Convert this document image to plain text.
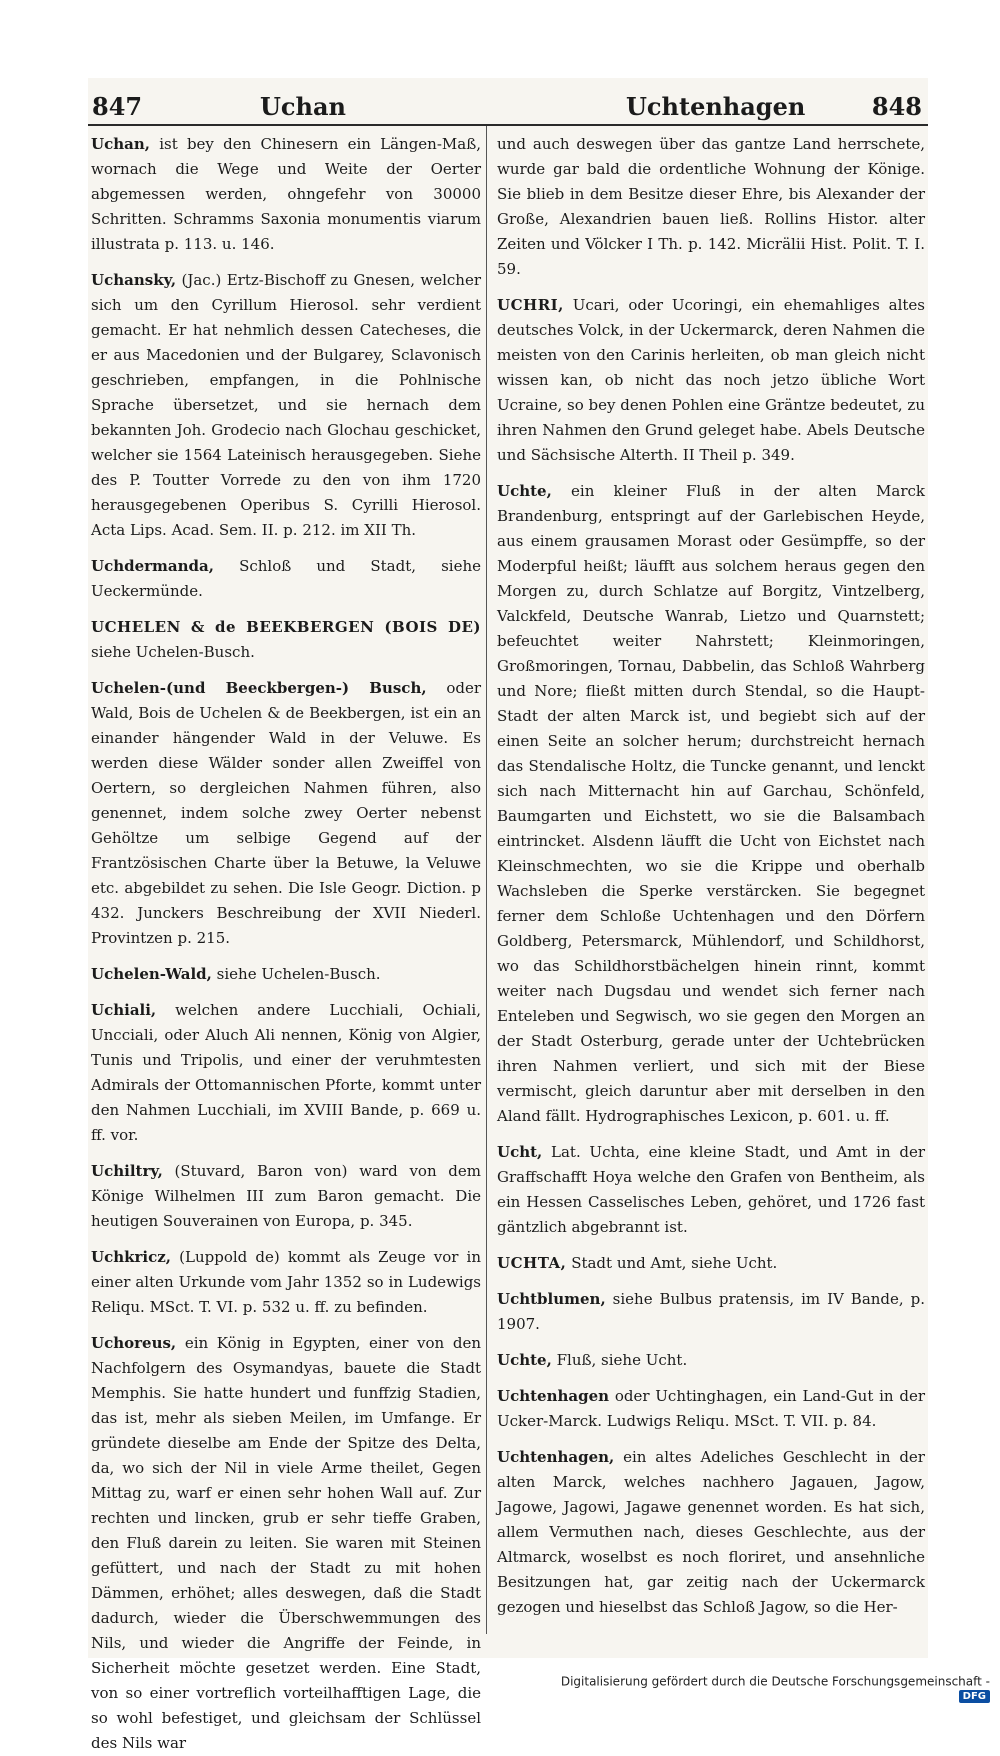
847	Uchan	Uchtenhagen	848

Uchan, ist bey den Chinesern ein Längen-Maß, wornach die Wege und Weite der Oerter abgemessen werden, ohngefehr von 30000 Schritten. Schramms Saxonia monumentis viarum illustrata p. 113. u. 146.

Uchansky, (Jac.) Ertz-Bischoff zu Gnesen, welcher sich um den Cyrillum Hierosol. sehr verdient gemacht. Er hat nehmlich dessen Catecheses, die er aus Macedonien und der Bulgarey, Sclavonisch geschrieben, empfangen, in die Pohlnische Sprache übersetzet, und sie hernach dem bekannten Joh. Grodecio nach Glochau geschicket, welcher sie 1564 Lateinisch herausgegeben. Siehe des P. Toutter Vorrede zu den von ihm 1720 herausgegebenen Operibus S. Cyrilli Hierosol. Acta Lips. Acad. Sem. II. p. 212. im XII Th.

Uchdermanda, Schloß und Stadt, siehe Ueckermünde.

UCHELEN & de BEEKBERGEN (BOIS DE) siehe Uchelen-Busch.

Uchelen-(und Beeckbergen-) Busch, oder Wald, Bois de Uchelen & de Beekbergen, ist ein an einander hängender Wald in der Veluwe. Es werden diese Wälder sonder allen Zweiffel von Oertern, so dergleichen Nahmen führen, also genennet, indem solche zwey Oerter nebenst Gehöltze um selbige Gegend auf der Frantzösischen Charte über la Betuwe, la Veluwe etc. abgebildet zu sehen. Die Isle Geogr. Diction. p 432. Junckers Beschreibung der XVII Niederl. Provintzen p. 215.

Uchelen-Wald, siehe Uchelen-Busch.

Uchiali, welchen andere Lucchiali, Ochiali, Uncciali, oder Aluch Ali nennen, König von Algier, Tunis und Tripolis, und einer der veruhmtesten Admirals der Ottomannischen Pforte, kommt unter den Nahmen Lucchiali, im XVIII Bande, p. 669 u. ff. vor.

Uchiltry, (Stuvard, Baron von) ward von dem Könige Wilhelmen III zum Baron gemacht. Die heutigen Souverainen von Europa, p. 345.

Uchkricz, (Luppold de) kommt als Zeuge vor in einer alten Urkunde vom Jahr 1352 so in Ludewigs Reliqu. MSct. T. VI. p. 532 u. ff. zu befinden.

Uchoreus, ein König in Egypten, einer von den Nachfolgern des Osymandyas, bauete die Stadt Memphis. Sie hatte hundert und funffzig Stadien, das ist, mehr als sieben Meilen, im Umfange. Er gründete dieselbe am Ende der Spitze des Delta, da, wo sich der Nil in viele Arme theilet, Gegen Mittag zu, warf er einen sehr hohen Wall auf. Zur rechten und lincken, grub er sehr tieffe Graben, den Fluß darein zu leiten. Sie waren mit Steinen gefüttert, und nach der Stadt zu mit hohen Dämmen, erhöhet; alles deswegen, daß die Stadt dadurch, wieder die Überschwemmungen des Nils, und wieder die Angriffe der Feinde, in Sicherheit möchte gesetzet werden. Eine Stadt, von so einer vortreflich vorteilhafftigen Lage, die so wohl befestiget, und gleichsam der Schlüssel des Nils war

und auch deswegen über das gantze Land herrschete, wurde gar bald die ordentliche Wohnung der Könige. Sie blieb in dem Besitze dieser Ehre, bis Alexander der Große, Alexandrien bauen ließ. Rollins Histor. alter Zeiten und Völcker I Th. p. 142. Micrälii Hist. Polit. T. I. 59.

UCHRI, Ucari, oder Ucoringi, ein ehemahliges altes deutsches Volck, in der Uckermarck, deren Nahmen die meisten von den Carinis herleiten, ob man gleich nicht wissen kan, ob nicht das noch jetzo übliche Wort Ucraine, so bey denen Pohlen eine Gräntze bedeutet, zu ihren Nahmen den Grund geleget habe. Abels Deutsche und Sächsische Alterth. II Theil p. 349.

Uchte, ein kleiner Fluß in der alten Marck Brandenburg, entspringt auf der Garlebischen Heyde, aus einem grausamen Morast oder Gesümpffe, so der Moderpful heißt; läufft aus solchem heraus gegen den Morgen zu, durch Schlatze auf Borgitz, Vintzelberg, Valckfeld, Deutsche Wanrab, Lietzo und Quarnstett; befeuchtet weiter Nahrstett; Kleinmoringen, Großmoringen, Tornau, Dabbelin, das Schloß Wahrberg und Nore; fließt mitten durch Stendal, so die Haupt-Stadt der alten Marck ist, und begiebt sich auf der einen Seite an solcher herum; durchstreicht hernach das Stendalische Holtz, die Tuncke genannt, und lenckt sich nach Mitternacht hin auf Garchau, Schönfeld, Baumgarten und Eichstett, wo sie die Balsambach eintrincket. Alsdenn läufft die Ucht von Eichstet nach Kleinschmechten, wo sie die Krippe und oberhalb Wachsleben die Sperke verstärcken. Sie begegnet ferner dem Schloße Uchtenhagen und den Dörfern Goldberg, Petersmarck, Mühlendorf, und Schildhorst, wo das Schildhorstbächelgen hinein rinnt, kommt weiter nach Dugsdau und wendet sich ferner nach Enteleben und Segwisch, wo sie gegen den Morgen an der Stadt Osterburg, gerade unter der Uchtebrücken ihren Nahmen verliert, und sich mit der Biese vermischt, gleich daruntur aber mit derselben in den Aland fällt. Hydrographisches Lexicon, p. 601. u. ff.

Ucht, Lat. Uchta, eine kleine Stadt, und Amt in der Graffschafft Hoya welche den Grafen von Bentheim, als ein Hessen Casselisches Leben, gehöret, und 1726 fast gäntzlich abgebrannt ist.

UCHTA, Stadt und Amt, siehe Ucht.

Uchtblumen, siehe Bulbus pratensis, im IV Bande, p. 1907.

Uchte, Fluß, siehe Ucht.

Uchtenhagen oder Uchtinghagen, ein Land-Gut in der Ucker-Marck. Ludwigs Reliqu. MSct. T. VII. p. 84.

Uchtenhagen, ein altes Adeliches Geschlecht in der alten Marck, welches nachhero Jagauen, Jagow, Jagowe, Jagowi, Jagawe genennet worden. Es hat sich, allem Vermuthen nach, dieses Geschlechte, aus der Altmarck, woselbst es noch floriret, und ansehnliche Besitzungen hat, gar zeitig nach der Uckermarck gezogen und hieselbst das Schloß Jagow, so die Her-

Digitalisierung gefördert durch die Deutsche Forschungsgemeinschaft - DFG
